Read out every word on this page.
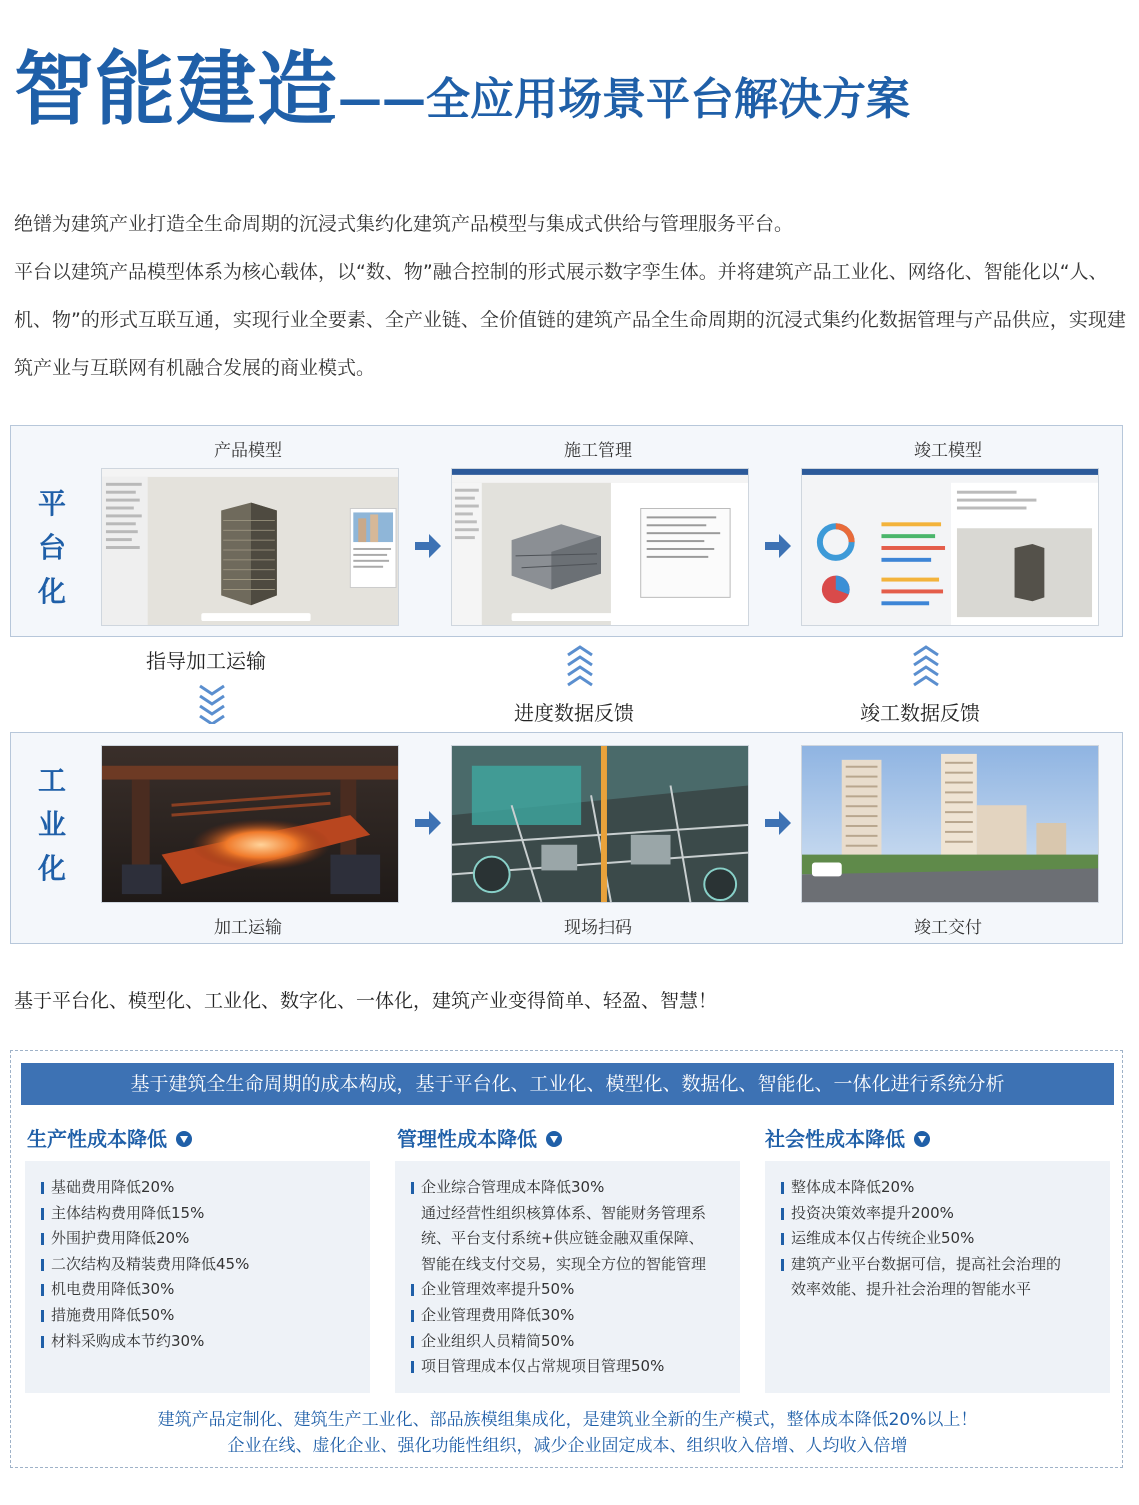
智能建造 ——全应用场景平台解决方案

绝镨为建筑产业打造全生命周期的沉浸式集约化建筑产品模型与集成式供给与管理服务平台。

平台以建筑产品模型体系为核心载体，以“数、物”融合控制的形式展示数字孪生体。并将建筑产品工业化、网络化、智能化以“人、机、物”的形式互联互通，实现行业全要素、全产业链、全价值链的建筑产品全生命周期的沉浸式集约化数据管理与产品供应，实现建筑产业与互联网有机融合发展的商业模式。

平台化
产品模型	施工管理	竣工模型
指导加工运输
进度数据反馈	竣工数据反馈
工业化
加工运输	现场扫码	竣工交付
基于平台化、模型化、工业化、数字化、一体化，建筑产业变得简单、轻盈、智慧！
基于建筑全生命周期的成本构成，基于平台化、工业化、模型化、数据化、智能化、一体化进行系统分析
生产性成本降低
基础费用降低20%
主体结构费用降低15%
外围护费用降低20%
二次结构及精装费用降低45%
机电费用降低30%
措施费用降低50%
材料采购成本节约30%
管理性成本降低
企业综合管理成本降低30%
通过经营性组织核算体系、智能财务管理系
统、平台支付系统+供应链金融双重保障、
智能在线支付交易，实现全方位的智能管理
企业管理效率提升50%
企业管理费用降低30%
企业组织人员精简50%
项目管理成本仅占常规项目管理50%
社会性成本降低
整体成本降低20%
投资决策效率提升200%
运维成本仅占传统企业50%
建筑产业平台数据可信，提高社会治理的
效率效能、提升社会治理的智能水平
建筑产品定制化、建筑生产工业化、部品族模组集成化，是建筑业全新的生产模式，整体成本降低20%以上！
企业在线、虚化企业、强化功能性组织，减少企业固定成本、组织收入倍增、人均收入倍增
